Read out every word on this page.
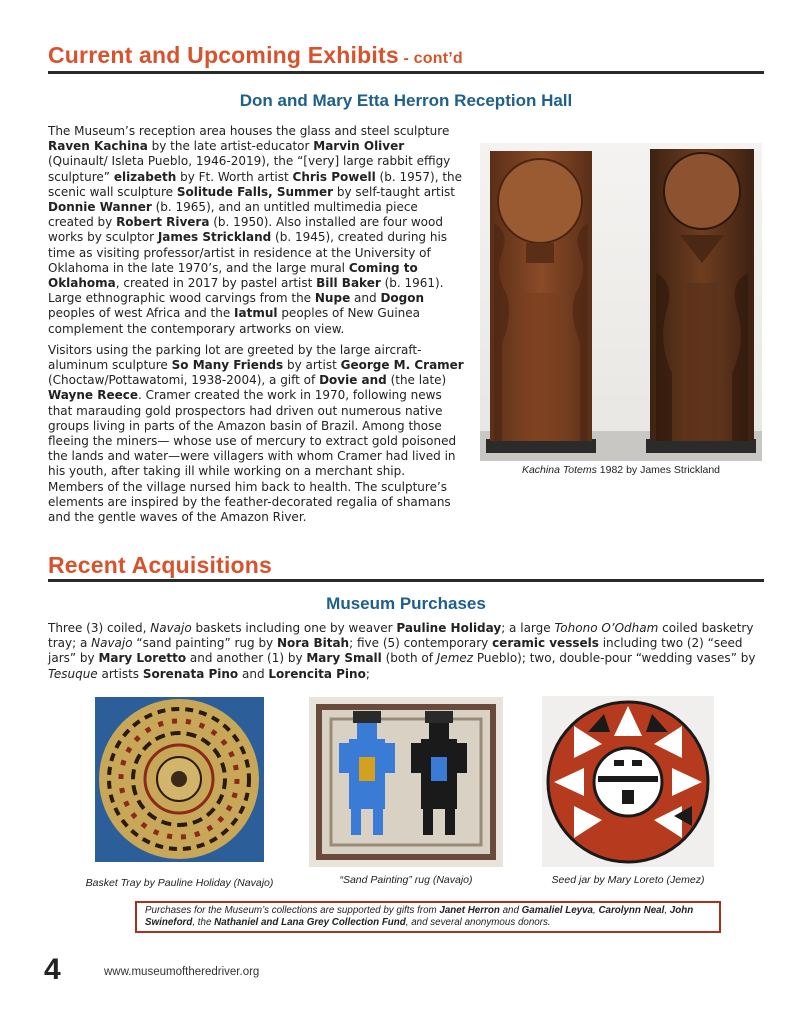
Current and Upcoming Exhibits - cont’d
Don and Mary Etta Herron Reception Hall

The Museum’s reception area houses the glass and steel sculpture Raven Kachina by the late artist-educator Marvin Oliver (Quinault/ Isleta Pueblo, 1946-2019), the “[very] large rabbit effigy sculpture” elizabeth by Ft. Worth artist Chris Powell (b. 1957), the scenic wall sculpture Solitude Falls, Summer by self-taught artist Donnie Wanner (b. 1965), and an untitled multimedia piece created by Robert Rivera (b. 1950). Also installed are four wood works by sculptor James Strickland (b. 1945), created during his time as visiting professor/artist in residence at the University of Oklahoma in the late 1970’s, and the large mural Coming to Oklahoma, created in 2017 by pastel artist Bill Baker (b. 1961). Large ethnographic wood carvings from the Nupe and Dogon peoples of west Africa and the Iatmul peoples of New Guinea complement the contemporary artworks on view.

Visitors using the parking lot are greeted by the large aircraft-aluminum sculpture So Many Friends by artist George M. Cramer (Choctaw/Pottawatomi, 1938-2004), a gift of Dovie and (the late) Wayne Reece. Cramer created the work in 1970, following news that marauding gold prospectors had driven out numerous native groups living in parts of the Amazon basin of Brazil. Among those fleeing the miners— whose use of mercury to extract gold poisoned the lands and water—were villagers with whom Cramer had lived in his youth, after taking ill while working on a merchant ship. Members of the village nursed him back to health. The sculpture’s elements are inspired by the feather-decorated regalia of shamans and the gentle waves of the Amazon River.

Kachina Totems 1982 by James Strickland
Recent Acquisitions
Museum Purchases
Three (3) coiled, Navajo baskets including one by weaver Pauline Holiday; a large Tohono O’Odham coiled basketry tray; a Navajo “sand painting” rug by Nora Bitah; five (5) contemporary ceramic vessels including two (2) “seed jars” by Mary Loretto and another (1) by Mary Small (both of Jemez Pueblo); two, double-pour “wedding vases” by Tesuque artists Sorenata Pino and Lorencita Pino;
Basket Tray by Pauline Holiday (Navajo)	“Sand Painting” rug (Navajo)	Seed jar by Mary Loreto (Jemez)
Purchases for the Museum’s collections are supported by gifts from Janet Herron and Gamaliel Leyva, Carolynn Neal, John Swineford, the Nathaniel and Lana Grey Collection Fund, and several anonymous donors.
4	www.museumoftheredriver.org
